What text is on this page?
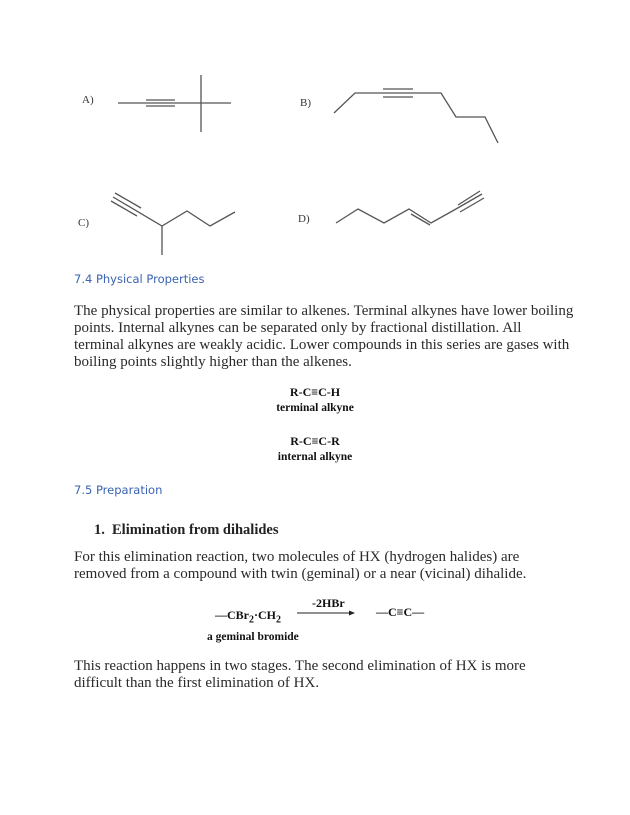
A)	B)
C)	D)
7.4 Physical Properties
The physical properties are similar to alkenes. Terminal alkynes have lower boiling
points. Internal alkynes can be separated only by fractional distillation. All
terminal alkynes are weakly acidic. Lower compounds in this series are gases with
boiling points slightly higher than the alkenes.
R-C≡C-H
terminal alkyne
R-C≡C-R
internal alkyne
7.5 Preparation
1. Elimination from dihalides
For this elimination reaction, two molecules of HX (hydrogen halides) are
removed from a compound with twin (geminal) or a near (vicinal) dihalide.
$—CBr_2\cdot CH_2$
-2HBr
→ —C≡C—
a geminal bromide
This reaction happens in two stages. The second elimination of HX is more
difficult than the first elimination of HX.
